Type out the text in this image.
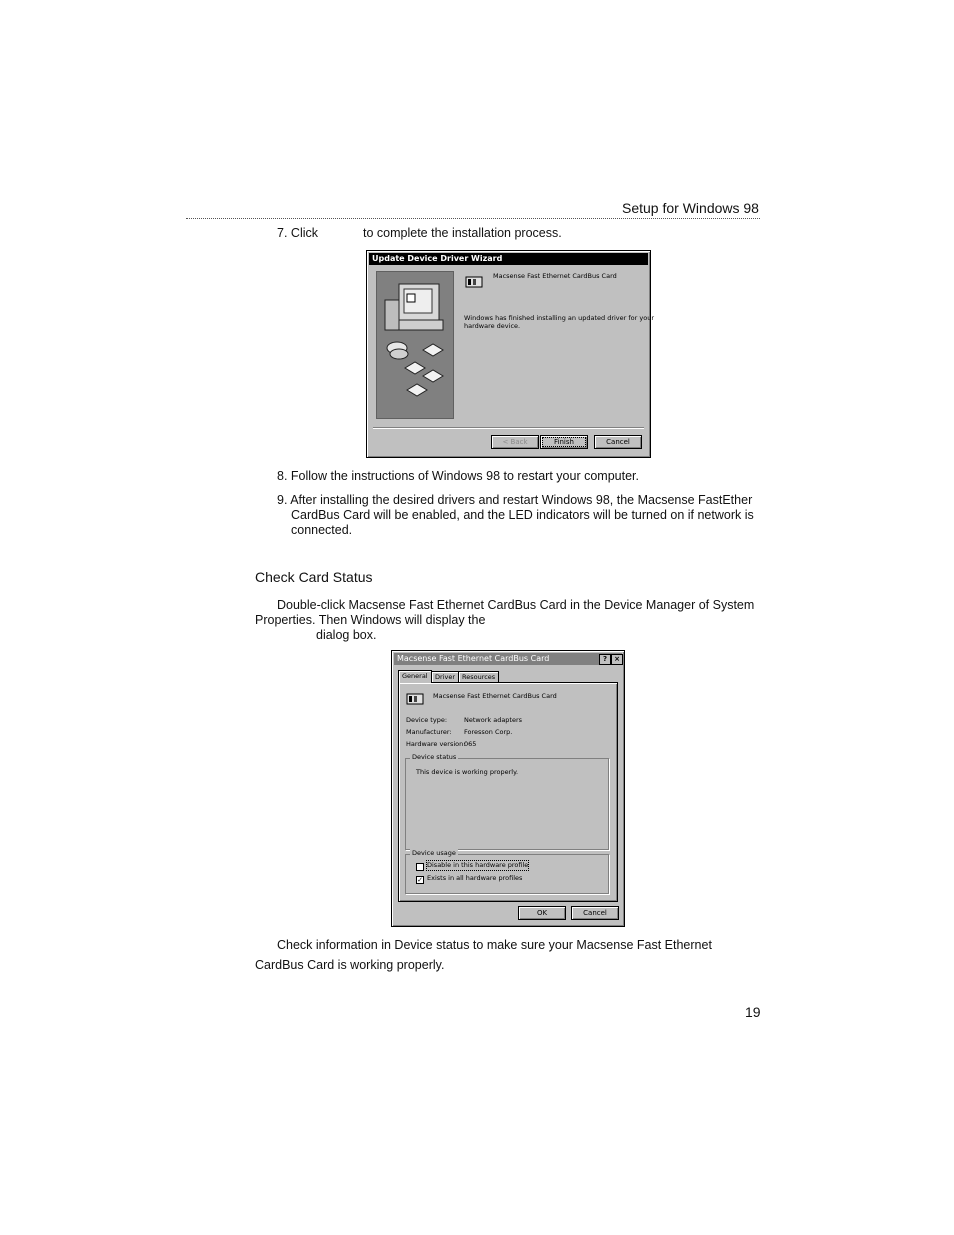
Setup for Windows 98
7. Click	to complete the installation process.
Update Device Driver Wizard
Macsense Fast Ethernet CardBus Card
Windows has finished installing an updated driver for your
hardware device.
< Back	Finish	Cancel
8. Follow the instructions of Windows 98 to restart your computer.
9. After installing the desired drivers and restart Windows 98, the Macsense FastEther
CardBus Card will be enabled, and the LED indicators will be turned on if network is
connected.
Check Card Status
Double-click Macsense Fast Ethernet CardBus Card in the Device Manager of System
Properties. Then Windows will display the
dialog box.
Macsense Fast Ethernet CardBus Card	?	×
General	Driver	Resources
Macsense Fast Ethernet CardBus Card
Device type:	Network adapters
Manufacturer: Foresson Corp.
Hardware version:
065
Device status
This device is working properly.
Device usage
Disable in this hardware profile
✓ Exists in all hardware profiles
OK	Cancel
Check information in Device status to make sure your Macsense Fast Ethernet
CardBus Card is working properly.
19
